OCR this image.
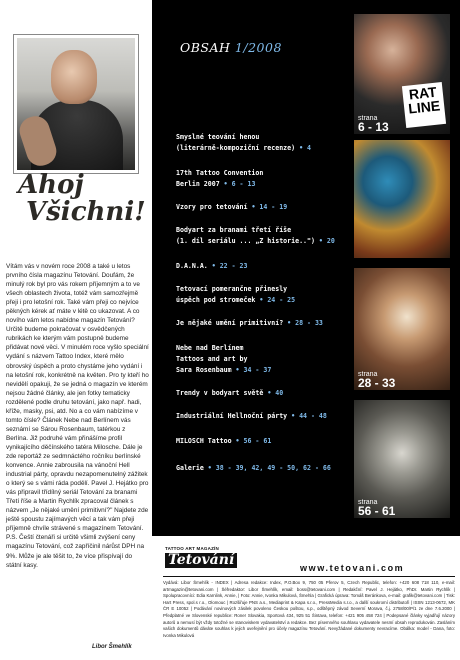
Ahoj
Všichni!

Vítám vás v novém roce 2008 a také u letos prvního čísla magazínu Tetování. Doufám, že minulý rok byl pro vás rokem příjemným a to ve všech oblastech života, totéž vám samozřejmě přeji i pro letošní rok. Také vám přeji co nejvíce pěkných kérek ať máte v létě co ukazovat. A co novího vám letos nabídne magazín Tetování? Určitě budeme pokračovat v osvědčených rubrikách ke kterým vám postupně budeme přidávat nové věci. V minulém roce vyšlo speciální vydání s názvem Tattoo Index, které mělo obrovský úspěch a proto chystáme jeho vydání i na letošní rok, konkrétně na květen. Pro ty kteří ho nevidělí opakuji, že se jedná o magazín ve kterém nejsou žádné články, ale jen fotky tematicky rozdělené podle druhu tetování, jako např. hadi, kříže, masky, psi, atd. No a co vám nabízíme v tomto čísle? Článek Nebe nad Berlínem vás seznámí se Sárou Rosenbaum, tatérkou z Berlína. Již podruhé vám přinášíme profil vynikajícího děčínského tatéra Milosche. Dále je zde reportáž ze sedmnáctého ročníku berlínské konvence. Annie zabrousila na vánoční Hell industrial párty, opravdu nezapomenutelný zážitek o který se s vámi ráda podělí. Pavel J. Hejátko pro vás připravil třídílný seriál Tetování za branami Třetí říše a Martin Rychlík zpracoval článek s názvem „Je nějaké umění primitivní?" Najdete zde ještě spoustu zajímavých věcí a tak vám přeji příjemně chvíle strávené s magazínem Tetování. P.S. Čeští čtenáři si určitě všimli zvýšení ceny magazínu Tetování, což zapříčinil nárůst DPH na 9%. Může je ale těšit to, že více přispívají do státní kasy.

Libor Šmehlík
OBSAH 1/2008
Smyslné teování henou
(literárně-kompoziční recenze) • 4
17th Tattoo Convention
Berlin 2007 • 6 - 13
Vzory pro tetování • 14 - 19
Bodyart za branami třetí říše
(1. díl seriálu ... „Z historie..") • 20
D.A.N.A. • 22 - 23
Tetovací pomerančne přinesly
úspěch pod stromeček • 24 - 25
Je nějaké umění primitivní? • 28 - 33
Nebe nad Berlínem
Tattoos and art by
Sara Rosenbaum • 34 - 37
Trendy v bodyart světě • 40
Industriální Hellnoční párty • 44 - 48
MILOSCH Tattoo • 56 - 61
Galerie • 38 - 39, 42, 49 - 50, 62 - 66
RAT LINE
strana
6 - 13
strana
28 - 33
strana
56 - 61
TATTOO ART MAGAZÍN
Tetování	www.tetovani.com

Vydává: Libor Šmehlík - INDEX | Adresa redakce: Index, P.O.Box 9, 750 05 Přerov 5, Czech Republic, telefon: +420 608 718 110, e-mail: artmagazin@tetovani.com | Šéfredaktor: Libor Šmehlík, email: boss@tetovani.com | Redakční: Pavel J. Hejátko, PhDr. Martin Rychlík | Spolupracovníci: Edia Karnlink, Annie, | Foto: Annie, Ivonka Mikulová, Šmehla | Grafická úprava: Tomáš Beránkova, e-mail: grafik@tetovani.com | Tisk: Hart Press, spol.s r.o., Olomouc | Rozšiřuje PNS a.s., Mediaprint & Kapa s.r.o., PressMedia s.r.o., a další soukromí distributoři | ISSN 1213-0672, MK ČR E 10052 | Podávání novinových zásilek povoleno Českou poštou, s.p., odštěpný závod Severní Morava, č.j. 2758/00/P/1 ze dne 7.6.2000 | Předplatné ve Slovenské republice: Roner Slovakia, Sportová 434, 925 51 Šintava, telefon: +421 905 458 724 | Podepsané články vyjadřují názory autorů a nemusí být vždy totožné se stanoviskem vydavatelství a redakce. Bez písemného souhlasu vydavatele nesmí obsah reprodukován. Zasláním vašich dokumentů dáváte souhlas k jejich uveřejnění pro účely magazínu Tetování. Nevyžádané dokumenty nevracíme. Obálka: model - Dana, foto: Ivonka Mikulová
